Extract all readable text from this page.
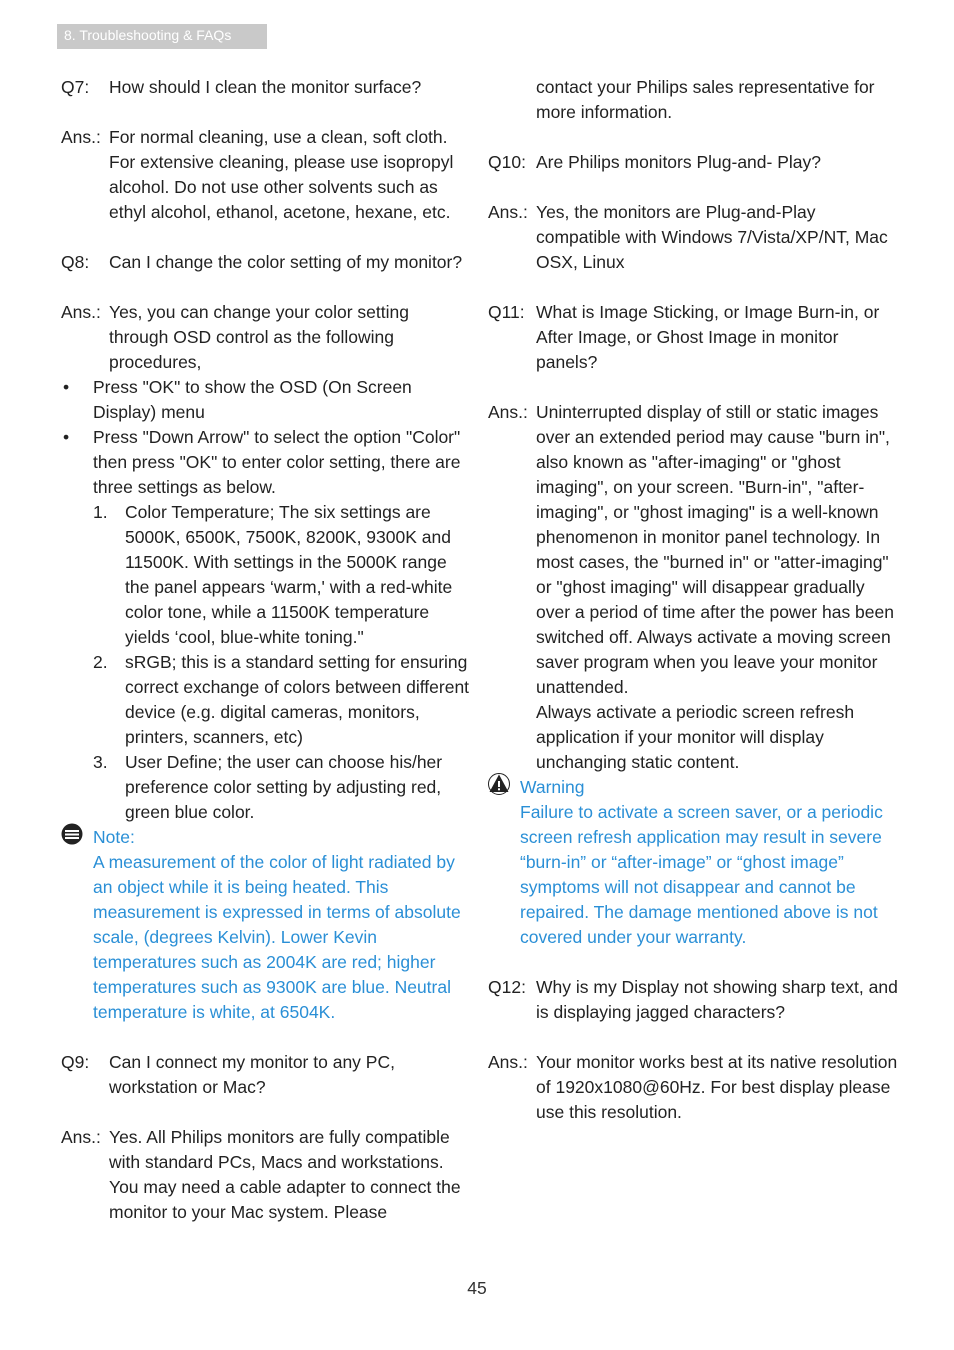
8. Troubleshooting & FAQs
Q7:	How should I clean the monitor surface?
Ans.: For normal cleaning, use a clean, soft cloth. For extensive cleaning, please use isopropyl alcohol. Do not use other solvents such as ethyl alcohol, ethanol, acetone, hexane, etc.
Q8:	Can I change the color setting of my monitor?
Ans.: Yes, you can change your color setting through OSD control as the following procedures,
•	Press "OK" to show the OSD (On Screen Display) menu
•	Press "Down Arrow" to select the option "Color" then press "OK" to enter color setting, there are three settings as below.
1. Color Temperature; The six settings are 5000K, 6500K, 7500K, 8200K, 9300K and 11500K. With settings in the 5000K range the panel appears ‘warm,' with a red-white color tone, while a 11500K temperature yields ‘cool, blue-white toning."
2. sRGB; this is a standard setting for ensuring correct exchange of colors between different device (e.g. digital cameras, monitors, printers, scanners, etc)
3. User Define; the user can choose his/her preference color setting by adjusting red, green blue color.
Note:
A measurement of the color of light radiated by an object while it is being heated. This measurement is expressed in terms of absolute scale, (degrees Kelvin). Lower Kevin temperatures such as 2004K are red; higher temperatures such as 9300K are blue. Neutral temperature is white, at 6504K.
Q9:	Can I connect my monitor to any PC, workstation or Mac?
Ans.: Yes. All Philips monitors are fully compatible with standard PCs, Macs and workstations. You may need a cable adapter to connect the monitor to your Mac system. Please
contact your Philips sales representative for more information.
Q10: Are Philips monitors Plug-and- Play?
Ans.: Yes, the monitors are Plug-and-Play compatible with Windows 7/Vista/XP/NT, Mac OSX, Linux
Q11: What is Image Sticking, or Image Burn-in, or After Image, or Ghost Image in monitor panels?
Ans.: Uninterrupted display of still or static images over an extended period may cause "burn in", also known as "after-imaging" or "ghost imaging", on your screen. "Burn-in", "after-imaging", or "ghost imaging" is a well-known phenomenon in monitor panel technology. In most cases, the "burned in" or "atter-imaging" or "ghost imaging" will disappear gradually over a period of time after the power has been switched off. Always activate a moving screen saver program when you leave your monitor unattended.
Always activate a periodic screen refresh application if your monitor will display unchanging static content.
Warning
Failure to activate a screen saver, or a periodic screen refresh application may result in severe “burn-in” or “after-image” or “ghost image” symptoms will not disappear and cannot be repaired. The damage mentioned above is not covered under your warranty.
Q12: Why is my Display not showing sharp text, and is displaying jagged characters?
Ans.: Your monitor works best at its native resolution of 1920x1080@60Hz. For best display please use this resolution.
45
